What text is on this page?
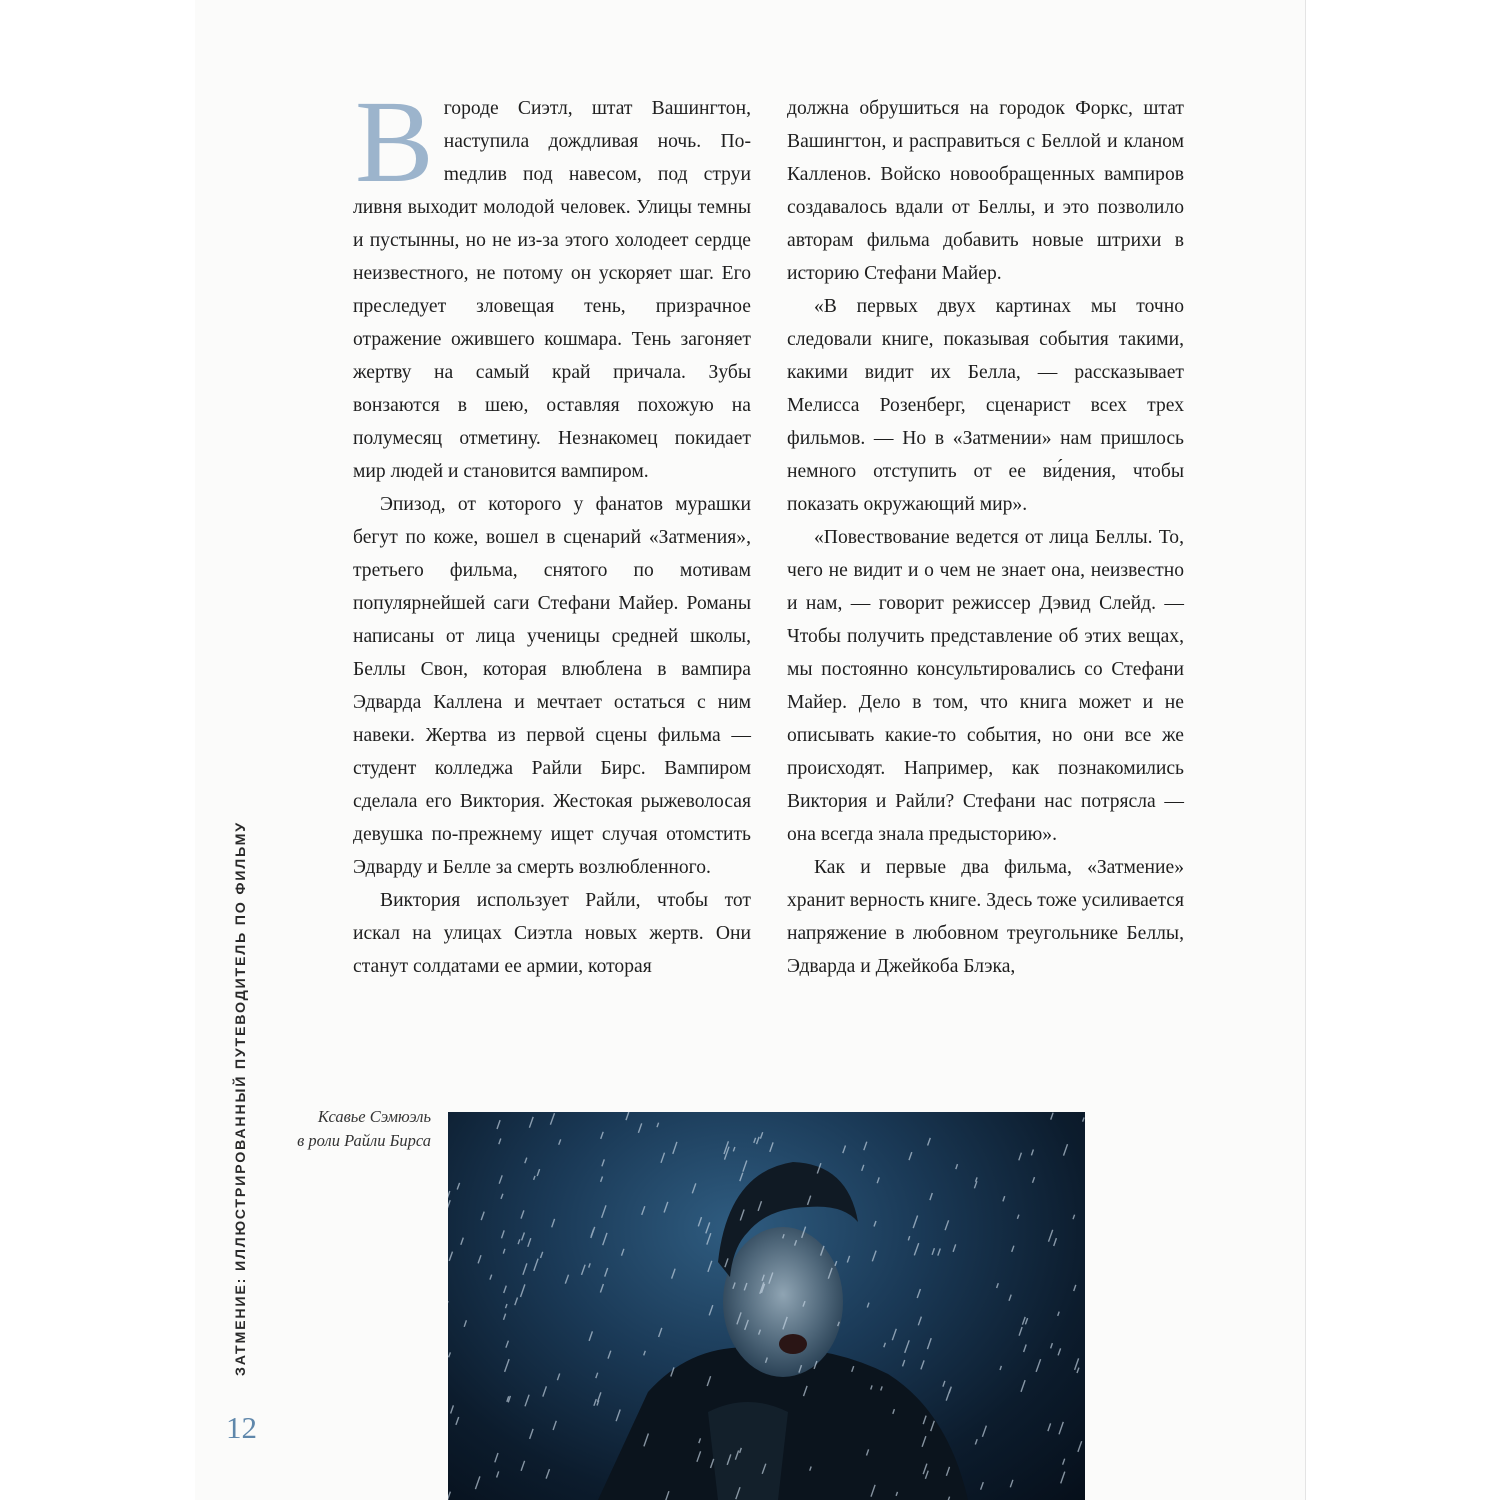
В городе Сиэтл, штат Вашингтон, наступила дождливая ночь. Поmедлив под навесом, под струи ливня выходит молодой человек. Улицы темны и пустынны, но не из-за этого холодеет сердце неизвестного, не потому он ускоряет шаг. Его преследует зловещая тень, призрачное отражение ожившего кошмара. Тень загоняет жертву на самый край причала. Зубы вонзаются в шею, оставляя похожую на полумесяц отметину. Незнакомец покидает мир людей и становится вампиром.

Эпизод, от которого у фанатов мурашки бегут по коже, вошел в сценарий «Затмения», третьего фильма, снятого по мотивам популярнейшей саги Стефани Майер. Романы написаны от лица ученицы средней школы, Беллы Свон, которая влюблена в вампира Эдварда Каллена и мечтает остаться с ним навеки. Жертва из первой сцены фильма — студент колледжа Райли Бирс. Вампиром сделала его Виктория. Жестокая рыжеволосая девушка по-прежнему ищет случая отомстить Эдварду и Белле за смерть возлюбленного.

Виктория использует Райли, чтобы тот искал на улицах Сиэтла новых жертв. Они станут солдатами ее армии, которая

должна обрушиться на городок Форкс, штат Вашингтон, и расправиться с Беллой и кланом Калленов. Войско новообращенных вампиров создавалось вдали от Беллы, и это позволило авторам фильма добавить новые штрихи в историю Стефани Майер.

«В первых двух картинах мы точно следовали книге, показывая события такими, какими видит их Белла, — рассказывает Мелисса Розенберг, сценарист всех трех фильмов. — Но в «Затмении» нам пришлось немного отступить от ее ви́дения, чтобы показать окружающий мир».

«Повествование ведется от лица Беллы. То, чего не видит и о чем не знает она, неизвестно и нам, — говорит режиссер Дэвид Слейд. — Чтобы получить представление об этих вещах, мы постоянно консультировались со Стефани Майер. Дело в том, что книга может и не описывать какие-то события, но они все же происходят. Например, как познакомились Виктория и Райли? Стефани нас потрясла — она всегда знала предысторию».

Как и первые два фильма, «Затмение» хранит верность книге. Здесь тоже усиливается напряжение в любовном треугольнике Беллы, Эдварда и Джейкоба Блэка,

ЗАТМЕНИЕ: ИЛЛЮСТРИРОВАННЫЙ ПУТЕВОДИТЕЛЬ ПО ФИЛЬМУ
12
Ксавье Сэмюэль
в роли Райли Бирса
